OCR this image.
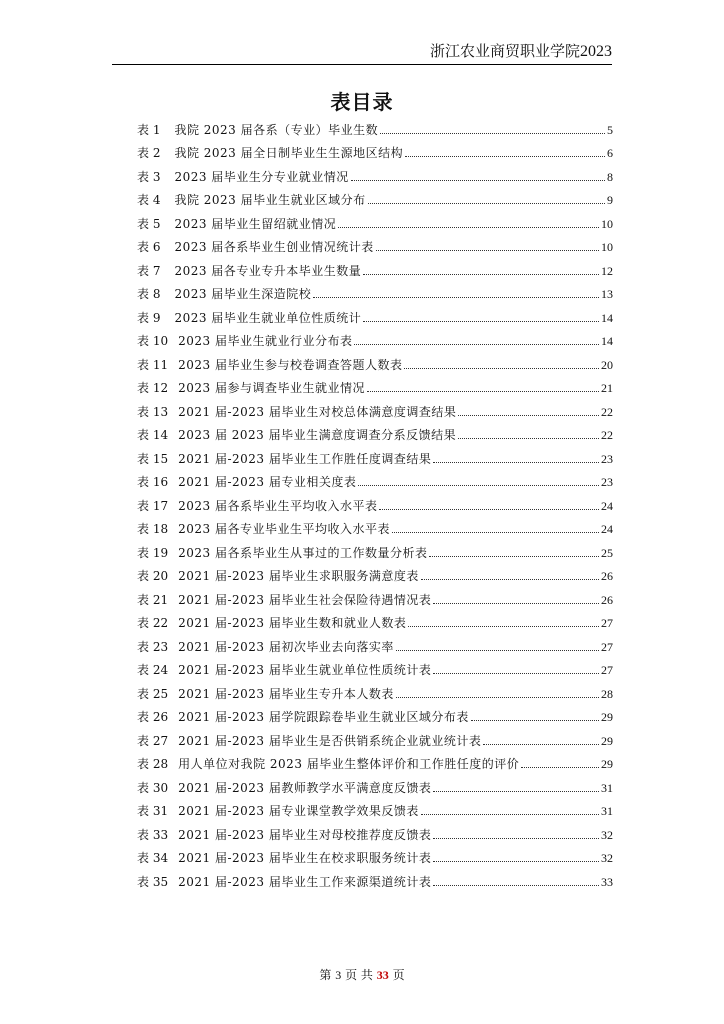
浙江农业商贸职业学院2023
表目录
表 1 我院 2023 届各系（专业）毕业生数	5
表 2 我院 2023 届全日制毕业生生源地区结构	6
表 3 2023 届毕业生分专业就业情况	8
表 4 我院 2023 届毕业生就业区域分布	9
表 5 2023 届毕业生留绍就业情况	10
表 6 2023 届各系毕业生创业情况统计表	10
表 7 2023 届各专业专升本毕业生数量	12
表 8 2023 届毕业生深造院校	13
表 9 2023 届毕业生就业单位性质统计	14
表 10 2023 届毕业生就业行业分布表	14
表 11 2023 届毕业生参与校卷调查答题人数表	20
表 12 2023 届参与调查毕业生就业情况	21
表 13 2021 届-2023 届毕业生对校总体满意度调查结果	22
表 14 2023 届 2023 届毕业生满意度调查分系反馈结果	22
表 15 2021 届-2023 届毕业生工作胜任度调查结果	23
表 16 2021 届-2023 届专业相关度表	23
表 17 2023 届各系毕业生平均收入水平表	24
表 18 2023 届各专业毕业生平均收入水平表	24
表 19 2023 届各系毕业生从事过的工作数量分析表	25
表 20 2021 届-2023 届毕业生求职服务满意度表	26
表 21 2021 届-2023 届毕业生社会保险待遇情况表	26
表 22 2021 届-2023 届毕业生数和就业人数表	27
表 23 2021 届-2023 届初次毕业去向落实率	27
表 24 2021 届-2023 届毕业生就业单位性质统计表	27
表 25 2021 届-2023 届毕业生专升本人数表	28
表 26 2021 届-2023 届学院跟踪卷毕业生就业区域分布表	29
表 27 2021 届-2023 届毕业生是否供销系统企业就业统计表	29
表 28 用人单位对我院 2023 届毕业生整体评价和工作胜任度的评价	29
表 30 2021 届-2023 届教师教学水平满意度反馈表	31
表 31 2021 届-2023 届专业课堂教学效果反馈表	31
表 33 2021 届-2023 届毕业生对母校推荐度反馈表	32
表 34 2021 届-2023 届毕业生在校求职服务统计表	32
表 35 2021 届-2023 届毕业生工作来源渠道统计表	33
第 3 页 共 33 页
